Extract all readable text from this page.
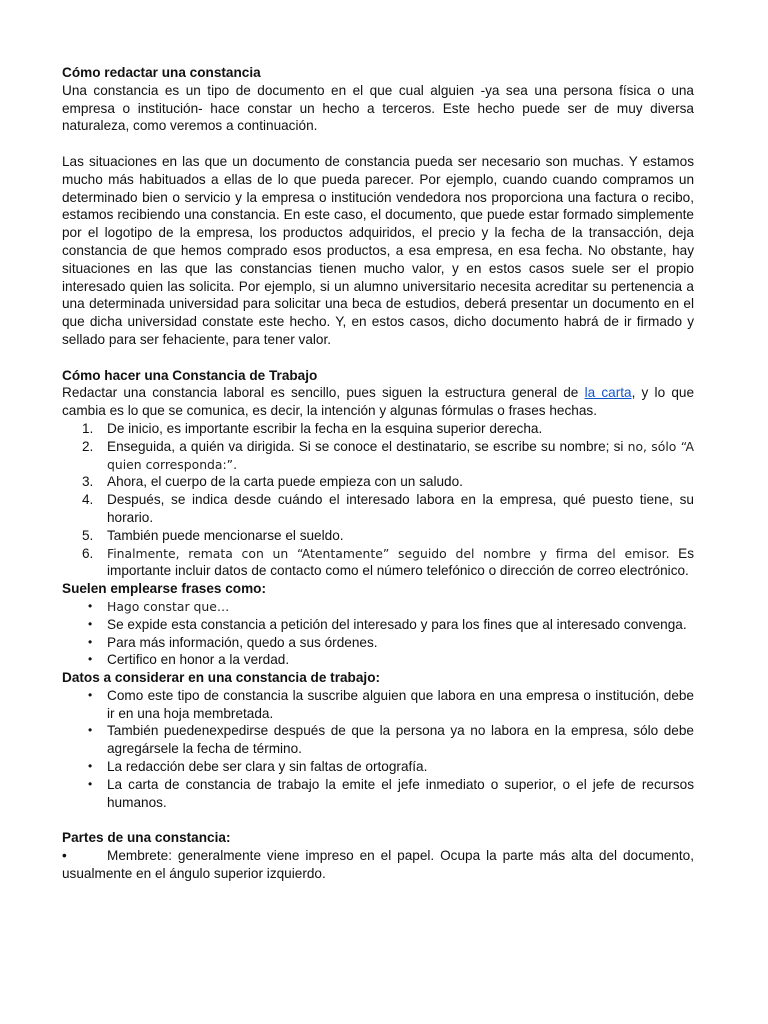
Cómo redactar una constancia

Una constancia es un tipo de documento en el que cual alguien -ya sea una persona física o una empresa o institución- hace constar un hecho a terceros. Este hecho puede ser de muy diversa naturaleza, como veremos a continuación.

Las situaciones en las que un documento de constancia pueda ser necesario son muchas. Y estamos mucho más habituados a ellas de lo que pueda parecer. Por ejemplo, cuando cuando compramos un determinado bien o servicio y la empresa o institución vendedora nos proporciona una factura o recibo, estamos recibiendo una constancia. En este caso, el documento, que puede estar formado simplemente por el logotipo de la empresa, los productos adquiridos, el precio y la fecha de la transacción, deja constancia de que hemos comprado esos productos, a esa empresa, en esa fecha. No obstante, hay situaciones en las que las constancias tienen mucho valor, y en estos casos suele ser el propio interesado quien las solicita. Por ejemplo, si un alumno universitario necesita acreditar su pertenencia a una determinada universidad para solicitar una beca de estudios, deberá presentar un documento en el que dicha universidad constate este hecho. Y, en estos casos, dicho documento habrá de ir firmado y sellado para ser fehaciente, para tener valor.

Cómo hacer una Constancia de Trabajo

Redactar una constancia laboral es sencillo, pues siguen la estructura general de la carta, y lo que cambia es lo que se comunica, es decir, la intención y algunas fórmulas o frases hechas.

1. De inicio, es importante escribir la fecha en la esquina superior derecha.
2. Enseguida, a quién va dirigida. Si se conoce el destinatario, se escribe su nombre; si no, sólo “A quien corresponda:”.
3. Ahora, el cuerpo de la carta puede empieza con un saludo.
4. Después, se indica desde cuándo el interesado labora en la empresa, qué puesto tiene, su horario.
5. También puede mencionarse el sueldo.
6. Finalmente, remata con un “Atentamente” seguido del nombre y firma del emisor. Es importante incluir datos de contacto como el número telefónico o dirección de correo electrónico.
Suelen emplearse frases como:
• Hago constar que…
• Se expide esta constancia a petición del interesado y para los fines que al interesado convenga.
• Para más información, quedo a sus órdenes.
• Certifico en honor a la verdad.
Datos a considerar en una constancia de trabajo:
• Como este tipo de constancia la suscribe alguien que labora en una empresa o institución, debe ir en una hoja membretada.
• También puedenexpedirse después de que la persona ya no labora en la empresa, sólo debe agregársele la fecha de término.
• La redacción debe ser clara y sin faltas de ortografía.
• La carta de constancia de trabajo la emite el jefe inmediato o superior, o el jefe de recursos humanos.
Partes de una constancia:

•	Membrete: generalmente viene impreso en el papel. Ocupa la parte más alta del documento, usualmente en el ángulo superior izquierdo.
